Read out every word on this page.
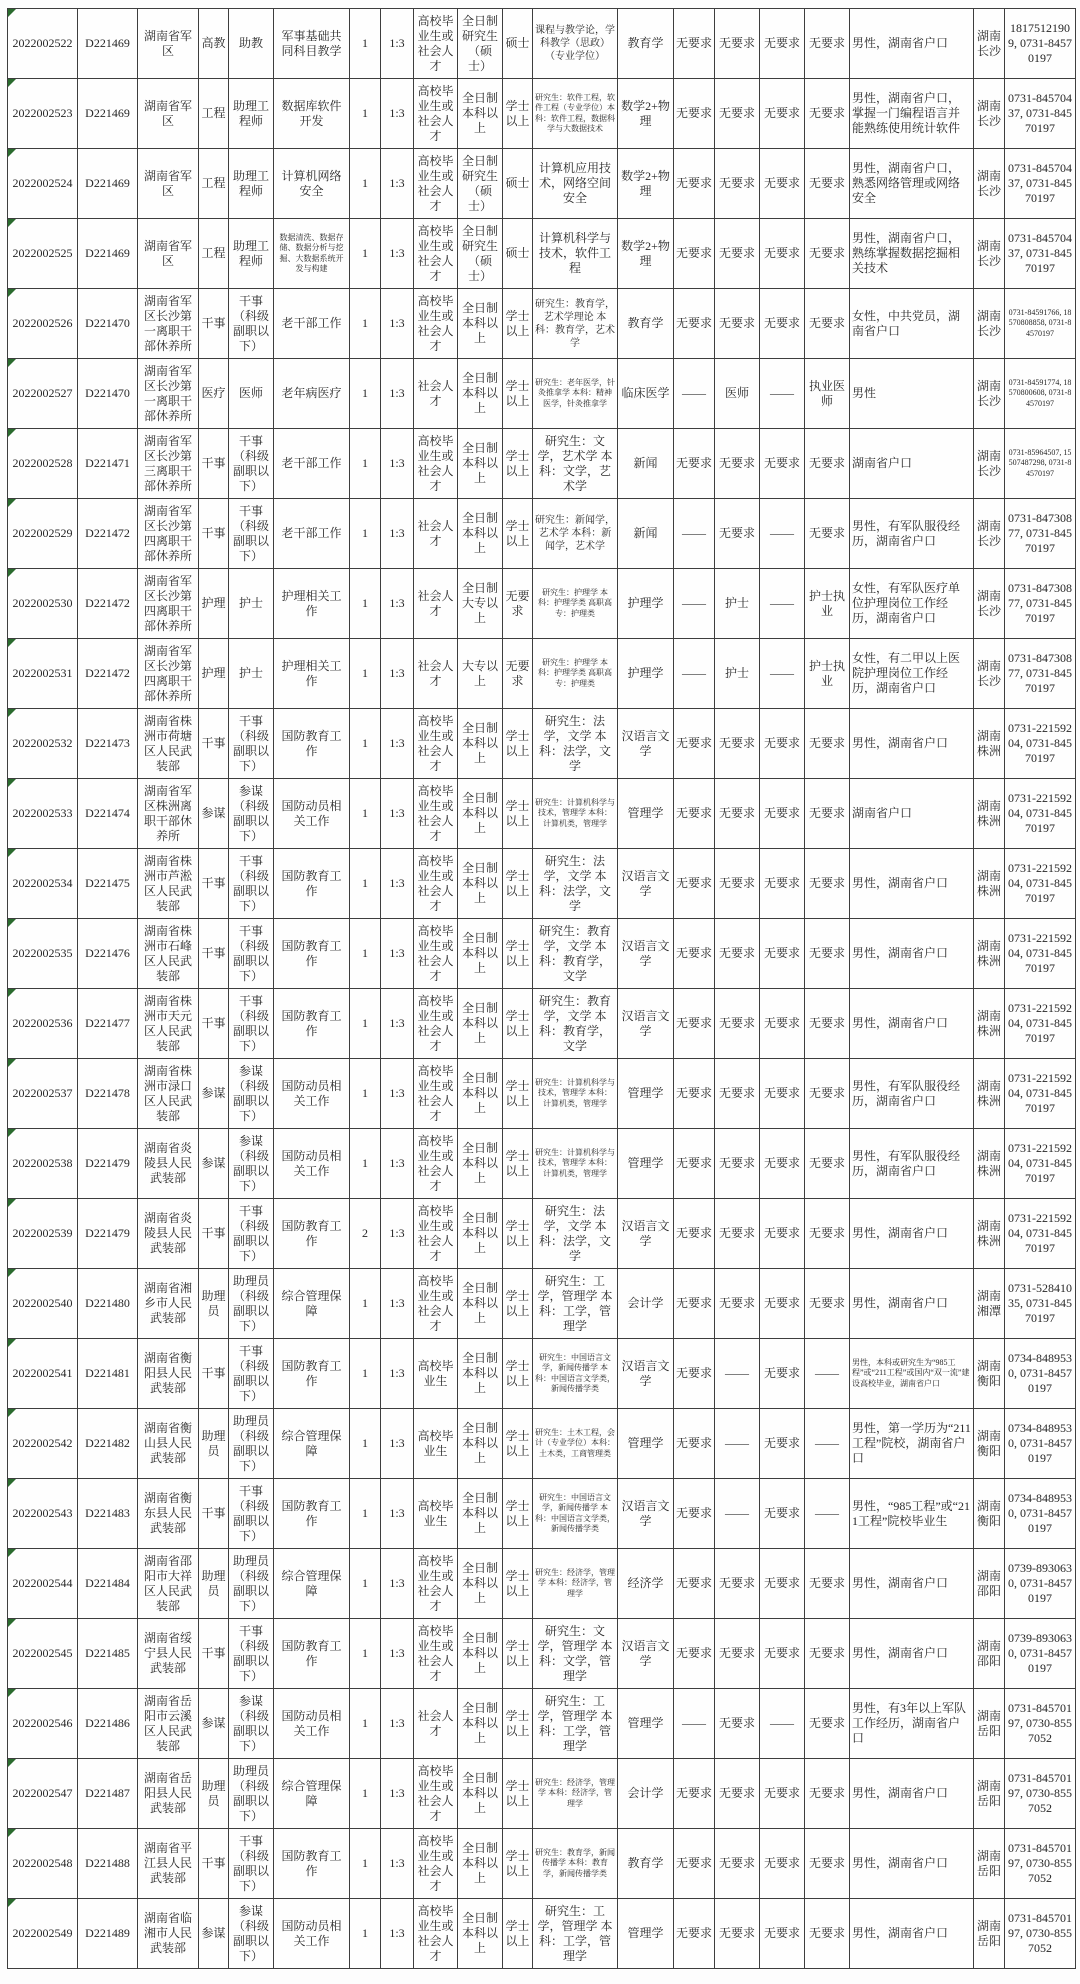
2022002522	D221469	湖南省军区	高教	助教	军事基础共同科目教学	1	1:3	高校毕业生或社会人才	全日制研究生（硕士）	硕士	课程与教学论，学科教学（思政）（专业学位）	教育学	无要求	无要求	无要求	无要求	男性，湖南省户口	湖南长沙	18175121909, 0731-84570197
2022002523	D221469	湖南省军区	工程	助理工程师	数据库软件开发	1	1:3	高校毕业生或社会人才	全日制本科以上	学士以上	研究生：软件工程，软件工程（专业学位）本科：软件工程，数据科学与大数据技术	数学2+物理	无要求	无要求	无要求	无要求	男性，湖南省户口，掌握一门编程语言并能熟练使用统计软件	湖南长沙	0731-84570437, 0731-84570197
2022002524	D221469	湖南省军区	工程	助理工程师	计算机网络安全	1	1:3	高校毕业生或社会人才	全日制研究生（硕士）	硕士	计算机应用技术，网络空间安全	数学2+物理	无要求	无要求	无要求	无要求	男性，湖南省户口，熟悉网络管理或网络安全	湖南长沙	0731-84570437, 0731-84570197
2022002525	D221469	湖南省军区	工程	助理工程师	数据清洗、数据存储、数据分析与挖掘、大数据系统开发与构建	1	1:3	高校毕业生或社会人才	全日制研究生（硕士）	硕士	计算机科学与技术，软件工程	数学2+物理	无要求	无要求	无要求	无要求	男性，湖南省户口，熟练掌握数据挖掘相关技术	湖南长沙	0731-84570437, 0731-84570197
2022002526	D221470	湖南省军区长沙第一离职干部休养所	干事	干事（科级副职以下）	老干部工作	1	1:3	高校毕业生或社会人才	全日制本科以上	学士以上	研究生：教育学，艺术学理论 本科：教育学，艺术学	教育学	无要求	无要求	无要求	无要求	女性，中共党员，湖南省户口	湖南长沙	0731-84591766, 18570808858, 0731-84570197
2022002527	D221470	湖南省军区长沙第一离职干部休养所	医疗	医师	老年病医疗	1	1:3	社会人才	全日制本科以上	学士以上	研究生：老年医学，针灸推拿学 本科：精神医学，针灸推拿学	临床医学	——	医师	——	执业医师	男性	湖南长沙	0731-84591774, 18570800608, 0731-84570197
2022002528	D221471	湖南省军区长沙第三离职干部休养所	干事	干事（科级副职以下）	老干部工作	1	1:3	高校毕业生或社会人才	全日制本科以上	学士以上	研究生：文学，艺术学 本科：文学，艺术学	新闻	无要求	无要求	无要求	无要求	湖南省户口	湖南长沙	0731-85964507, 15507487298, 0731-84570197
2022002529	D221472	湖南省军区长沙第四离职干部休养所	干事	干事（科级副职以下）	老干部工作	1	1:3	社会人才	全日制本科以上	学士以上	研究生：新闻学，艺术学 本科：新闻学，艺术学	新闻	——	无要求	——	无要求	男性，有军队服役经历，湖南省户口	湖南长沙	0731-84730877, 0731-84570197
2022002530	D221472	湖南省军区长沙第四离职干部休养所	护理	护士	护理相关工作	1	1:3	社会人才	全日制大专以上	无要求	研究生：护理学 本科：护理学类 高职高专：护理类	护理学	——	护士	——	护士执业	女性，有军队医疗单位护理岗位工作经历，湖南省户口	湖南长沙	0731-84730877, 0731-84570197
2022002531	D221472	湖南省军区长沙第四离职干部休养所	护理	护士	护理相关工作	1	1:3	社会人才	大专以上	无要求	研究生：护理学 本科：护理学类 高职高专：护理类	护理学	——	护士	——	护士执业	女性，有二甲以上医院护理岗位工作经历，湖南省户口	湖南长沙	0731-84730877, 0731-84570197
2022002532	D221473	湖南省株洲市荷塘区人民武装部	干事	干事（科级副职以下）	国防教育工作	1	1:3	高校毕业生或社会人才	全日制本科以上	学士以上	研究生：法学，文学 本科：法学，文学	汉语言文学	无要求	无要求	无要求	无要求	男性，湖南省户口	湖南株洲	0731-22159204, 0731-84570197
2022002533	D221474	湖南省军区株洲离职干部休养所	参谋	参谋（科级副职以下）	国防动员相关工作	1	1:3	高校毕业生或社会人才	全日制本科以上	学士以上	研究生：计算机科学与技术，管理学 本科：计算机类，管理学	管理学	无要求	无要求	无要求	无要求	湖南省户口	湖南株洲	0731-22159204, 0731-84570197
2022002534	D221475	湖南省株洲市芦淞区人民武装部	干事	干事（科级副职以下）	国防教育工作	1	1:3	高校毕业生或社会人才	全日制本科以上	学士以上	研究生：法学，文学 本科：法学，文学	汉语言文学	无要求	无要求	无要求	无要求	男性，湖南省户口	湖南株洲	0731-22159204, 0731-84570197
2022002535	D221476	湖南省株洲市石峰区人民武装部	干事	干事（科级副职以下）	国防教育工作	1	1:3	高校毕业生或社会人才	全日制本科以上	学士以上	研究生：教育学，文学 本科：教育学，文学	汉语言文学	无要求	无要求	无要求	无要求	男性，湖南省户口	湖南株洲	0731-22159204, 0731-84570197
2022002536	D221477	湖南省株洲市天元区人民武装部	干事	干事（科级副职以下）	国防教育工作	1	1:3	高校毕业生或社会人才	全日制本科以上	学士以上	研究生：教育学，文学 本科：教育学，文学	汉语言文学	无要求	无要求	无要求	无要求	男性，湖南省户口	湖南株洲	0731-22159204, 0731-84570197
2022002537	D221478	湖南省株洲市渌口区人民武装部	参谋	参谋（科级副职以下）	国防动员相关工作	1	1:3	高校毕业生或社会人才	全日制本科以上	学士以上	研究生：计算机科学与技术，管理学 本科：计算机类，管理学	管理学	无要求	无要求	无要求	无要求	男性，有军队服役经历，湖南省户口	湖南株洲	0731-22159204, 0731-84570197
2022002538	D221479	湖南省炎陵县人民武装部	参谋	参谋（科级副职以下）	国防动员相关工作	1	1:3	高校毕业生或社会人才	全日制本科以上	学士以上	研究生：计算机科学与技术，管理学 本科：计算机类，管理学	管理学	无要求	无要求	无要求	无要求	男性，有军队服役经历，湖南省户口	湖南株洲	0731-22159204, 0731-84570197
2022002539	D221479	湖南省炎陵县人民武装部	干事	干事（科级副职以下）	国防教育工作	2	1:3	高校毕业生或社会人才	全日制本科以上	学士以上	研究生：法学，文学 本科：法学，文学	汉语言文学	无要求	无要求	无要求	无要求	男性，湖南省户口	湖南株洲	0731-22159204, 0731-84570197
2022002540	D221480	湖南省湘乡市人民武装部	助理员	助理员（科级副职以下）	综合管理保障	1	1:3	高校毕业生或社会人才	全日制本科以上	学士以上	研究生：工学，管理学 本科：工学，管理学	会计学	无要求	无要求	无要求	无要求	男性，湖南省户口	湖南湘潭	0731-52841035, 0731-84570197
2022002541	D221481	湖南省衡阳县人民武装部	干事	干事（科级副职以下）	国防教育工作	1	1:3	高校毕业生	全日制本科以上	学士以上	研究生：中国语言文学，新闻传播学 本科：中国语言文学类，新闻传播学类	汉语言文学	无要求	——	无要求	——	男性，本科或研究生为“985工程”或“211工程”或国内“双一流”建设高校毕业，湖南省户口	湖南衡阳	0734-8489530, 0731-84570197
2022002542	D221482	湖南省衡山县人民武装部	助理员	助理员（科级副职以下）	综合管理保障	1	1:3	高校毕业生	全日制本科以上	学士以上	研究生：土木工程，会计（专业学位）本科：土木类，工商管理类	管理学	无要求	——	无要求	——	男性，第一学历为“211工程”院校，湖南省户口	湖南衡阳	0734-8489530, 0731-84570197
2022002543	D221483	湖南省衡东县人民武装部	干事	干事（科级副职以下）	国防教育工作	1	1:3	高校毕业生	全日制本科以上	学士以上	研究生：中国语言文学，新闻传播学 本科：中国语言文学类，新闻传播学类	汉语言文学	无要求	——	无要求	——	男性，“985工程”或“211工程”院校毕业生	湖南衡阳	0734-8489530, 0731-84570197
2022002544	D221484	湖南省邵阳市大祥区人民武装部	助理员	助理员（科级副职以下）	综合管理保障	1	1:3	高校毕业生或社会人才	全日制本科以上	学士以上	研究生：经济学，管理学 本科：经济学，管理学	经济学	无要求	无要求	无要求	无要求	男性，湖南省户口	湖南邵阳	0739-8930630, 0731-84570197
2022002545	D221485	湖南省绥宁县人民武装部	干事	干事（科级副职以下）	国防教育工作	1	1:3	高校毕业生或社会人才	全日制本科以上	学士以上	研究生：文学，管理学 本科：文学，管理学	汉语言文学	无要求	无要求	无要求	无要求	男性，湖南省户口	湖南邵阳	0739-8930630, 0731-84570197
2022002546	D221486	湖南省岳阳市云溪区人民武装部	参谋	参谋（科级副职以下）	国防动员相关工作	1	1:3	社会人才	全日制本科以上	学士以上	研究生：工学，管理学 本科：工学，管理学	管理学	——	无要求	——	无要求	男性，有3年以上军队工作经历，湖南省户口	湖南岳阳	0731-84570197, 0730-8557052
2022002547	D221487	湖南省岳阳县人民武装部	助理员	助理员（科级副职以下）	综合管理保障	1	1:3	高校毕业生或社会人才	全日制本科以上	学士以上	研究生：经济学，管理学 本科：经济学，管理学	会计学	无要求	无要求	无要求	无要求	男性，湖南省户口	湖南岳阳	0731-84570197, 0730-8557052
2022002548	D221488	湖南省平江县人民武装部	干事	干事（科级副职以下）	国防教育工作	1	1:3	高校毕业生或社会人才	全日制本科以上	学士以上	研究生：教育学，新闻传播学 本科：教育学，新闻传播学类	教育学	无要求	无要求	无要求	无要求	男性，湖南省户口	湖南岳阳	0731-84570197, 0730-8557052
2022002549	D221489	湖南省临湘市人民武装部	参谋	参谋（科级副职以下）	国防动员相关工作	1	1:3	高校毕业生或社会人才	全日制本科以上	学士以上	研究生：工学，管理学 本科：工学，管理学	管理学	无要求	无要求	无要求	无要求	男性，湖南省户口	湖南岳阳	0731-84570197, 0730-8557052
